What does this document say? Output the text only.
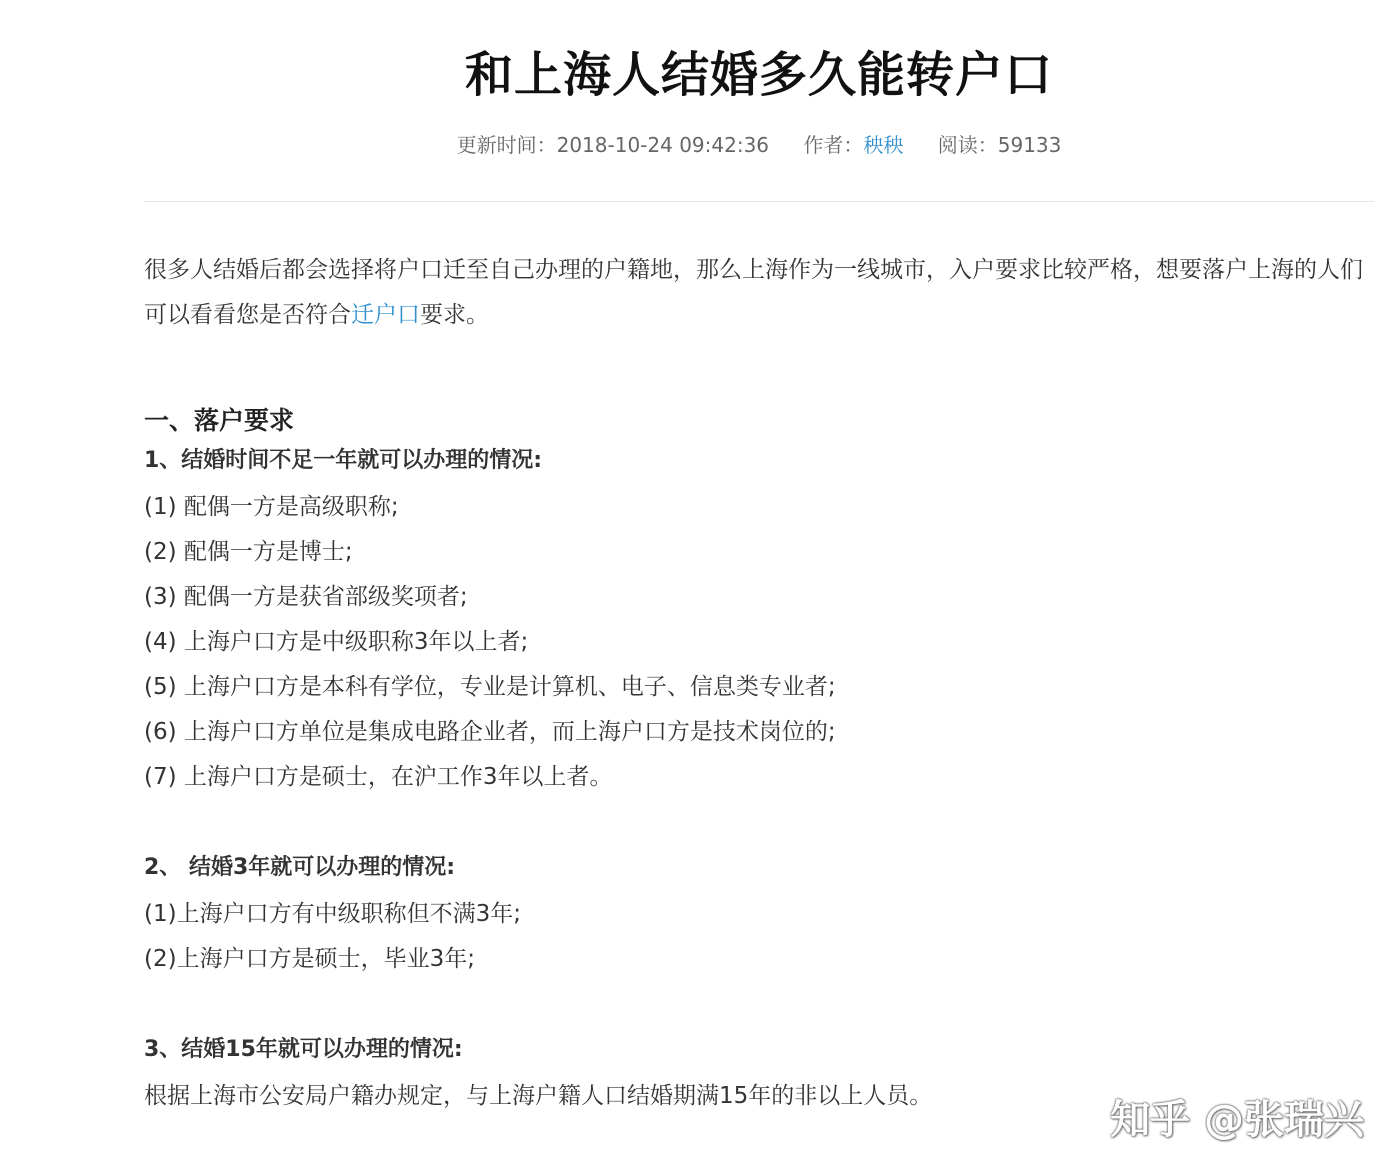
和上海人结婚多久能转户口
更新时间：2018-10-24 09:42:36 作者：秧秧 阅读：59133

很多人结婚后都会选择将户口迁至自己办理的户籍地，那么上海作为一线城市，入户要求比较严格，想要落户上海的人们可以看看您是否符合迁户口要求。

一、落户要求
1、结婚时间不足一年就可以办理的情况:

(1) 配偶一方是高级职称;

(2) 配偶一方是博士;

(3) 配偶一方是获省部级奖项者;

(4) 上海户口方是中级职称3年以上者;

(5) 上海户口方是本科有学位，专业是计算机、电子、信息类专业者;

(6) 上海户口方单位是集成电路企业者，而上海户口方是技术岗位的;

(7) 上海户口方是硕士，在沪工作3年以上者。

2、 结婚3年就可以办理的情况:

(1)上海户口方有中级职称但不满3年;

(2)上海户口方是硕士，毕业3年;

3、结婚15年就可以办理的情况:

根据上海市公安局户籍办规定，与上海户籍人口结婚期满15年的非以上人员。

知乎 @张瑞兴
